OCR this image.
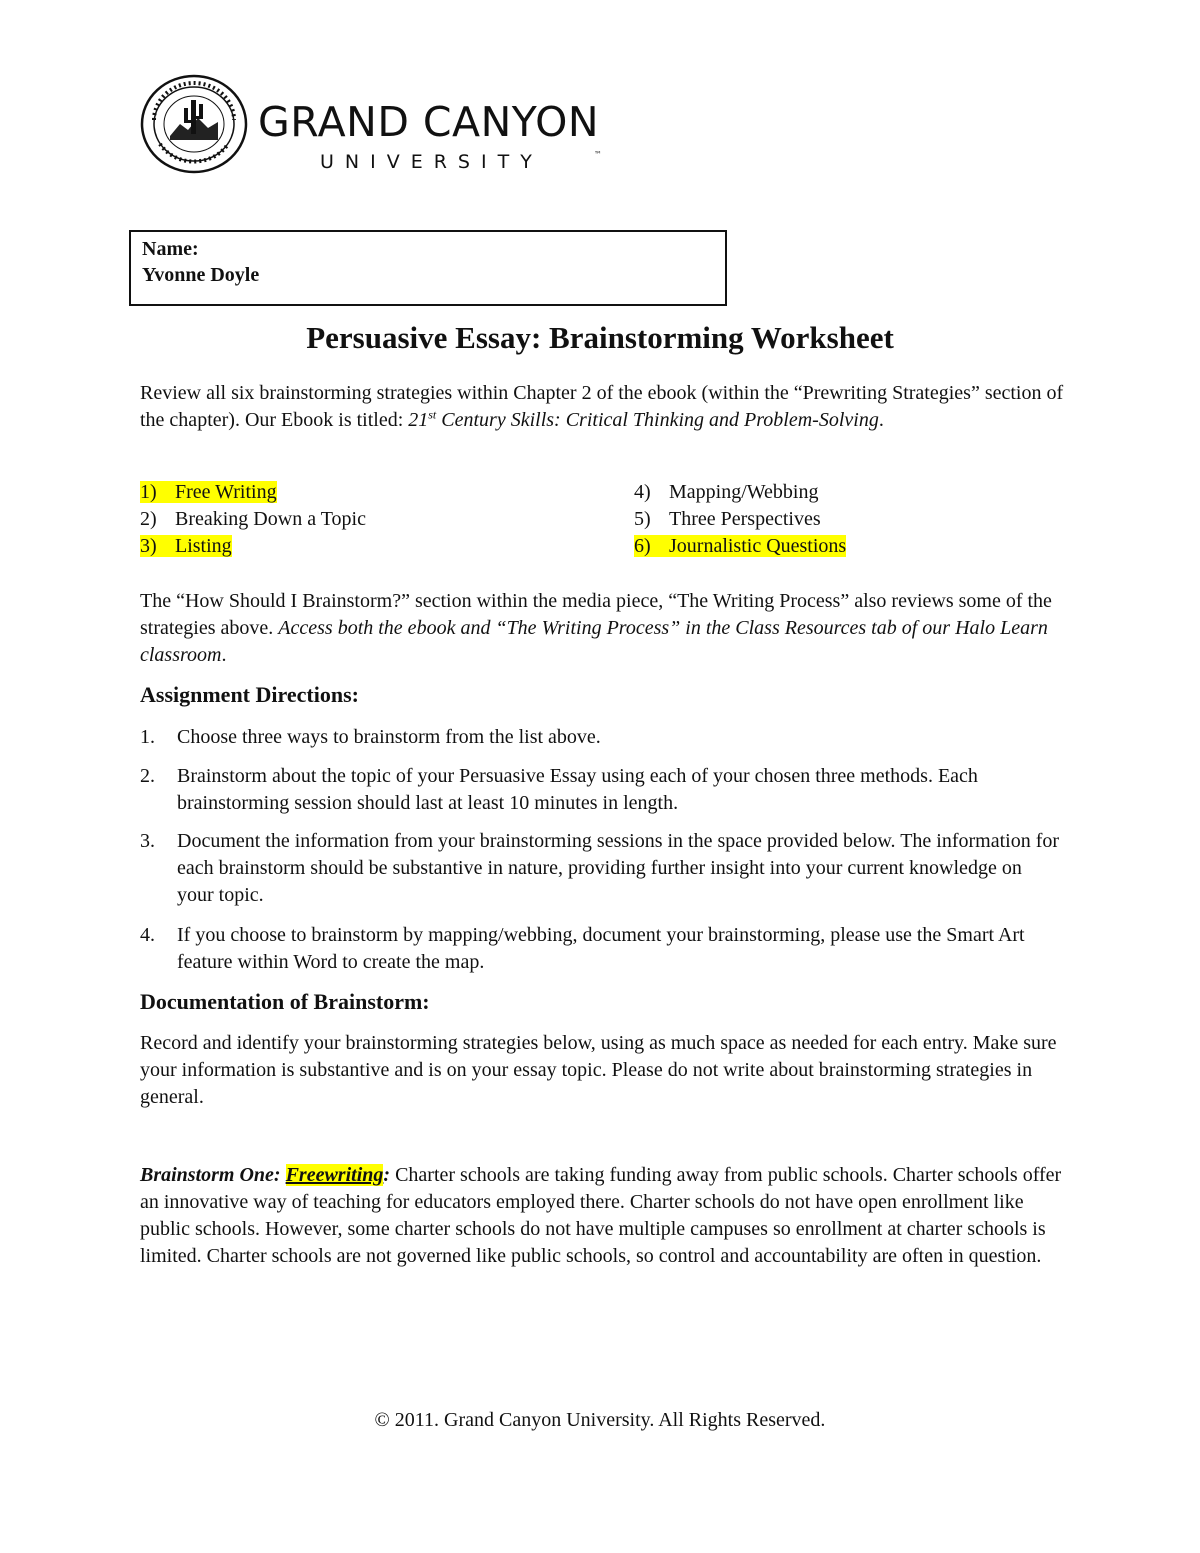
GRAND CANYON
UNIVERSITY	™
Name:
Yvonne Doyle
Persuasive Essay: Brainstorming Worksheet
Review all six brainstorming strategies within Chapter 2 of the ebook (within the “Prewriting Strategies” section of the chapter). Our Ebook is titled: 21st Century Skills: Critical Thinking and Problem-Solving.
1) Free Writing
2) Breaking Down a Topic
3) Listing
4) Mapping/Webbing
5) Three Perspectives
6) Journalistic Questions
The “How Should I Brainstorm?” section within the media piece, “The Writing Process” also reviews some of the strategies above. Access both the ebook and “The Writing Process” in the Class Resources tab of our Halo Learn classroom.
Assignment Directions:
1. Choose three ways to brainstorm from the list above.
2. Brainstorm about the topic of your Persuasive Essay using each of your chosen three methods. Each brainstorming session should last at least 10 minutes in length.
3. Document the information from your brainstorming sessions in the space provided below. The information for each brainstorm should be substantive in nature, providing further insight into your current knowledge on your topic.
4. If you choose to brainstorm by mapping/webbing, document your brainstorming, please use the Smart Art feature within Word to create the map.
Documentation of Brainstorm:
Record and identify your brainstorming strategies below, using as much space as needed for each entry. Make sure your information is substantive and is on your essay topic. Please do not write about brainstorming strategies in general.
Brainstorm One: Freewriting: Charter schools are taking funding away from public schools. Charter schools offer an innovative way of teaching for educators employed there. Charter schools do not have open enrollment like public schools. However, some charter schools do not have multiple campuses so enrollment at charter schools is limited. Charter schools are not governed like public schools, so control and accountability are often in question.
© 2011. Grand Canyon University. All Rights Reserved.
